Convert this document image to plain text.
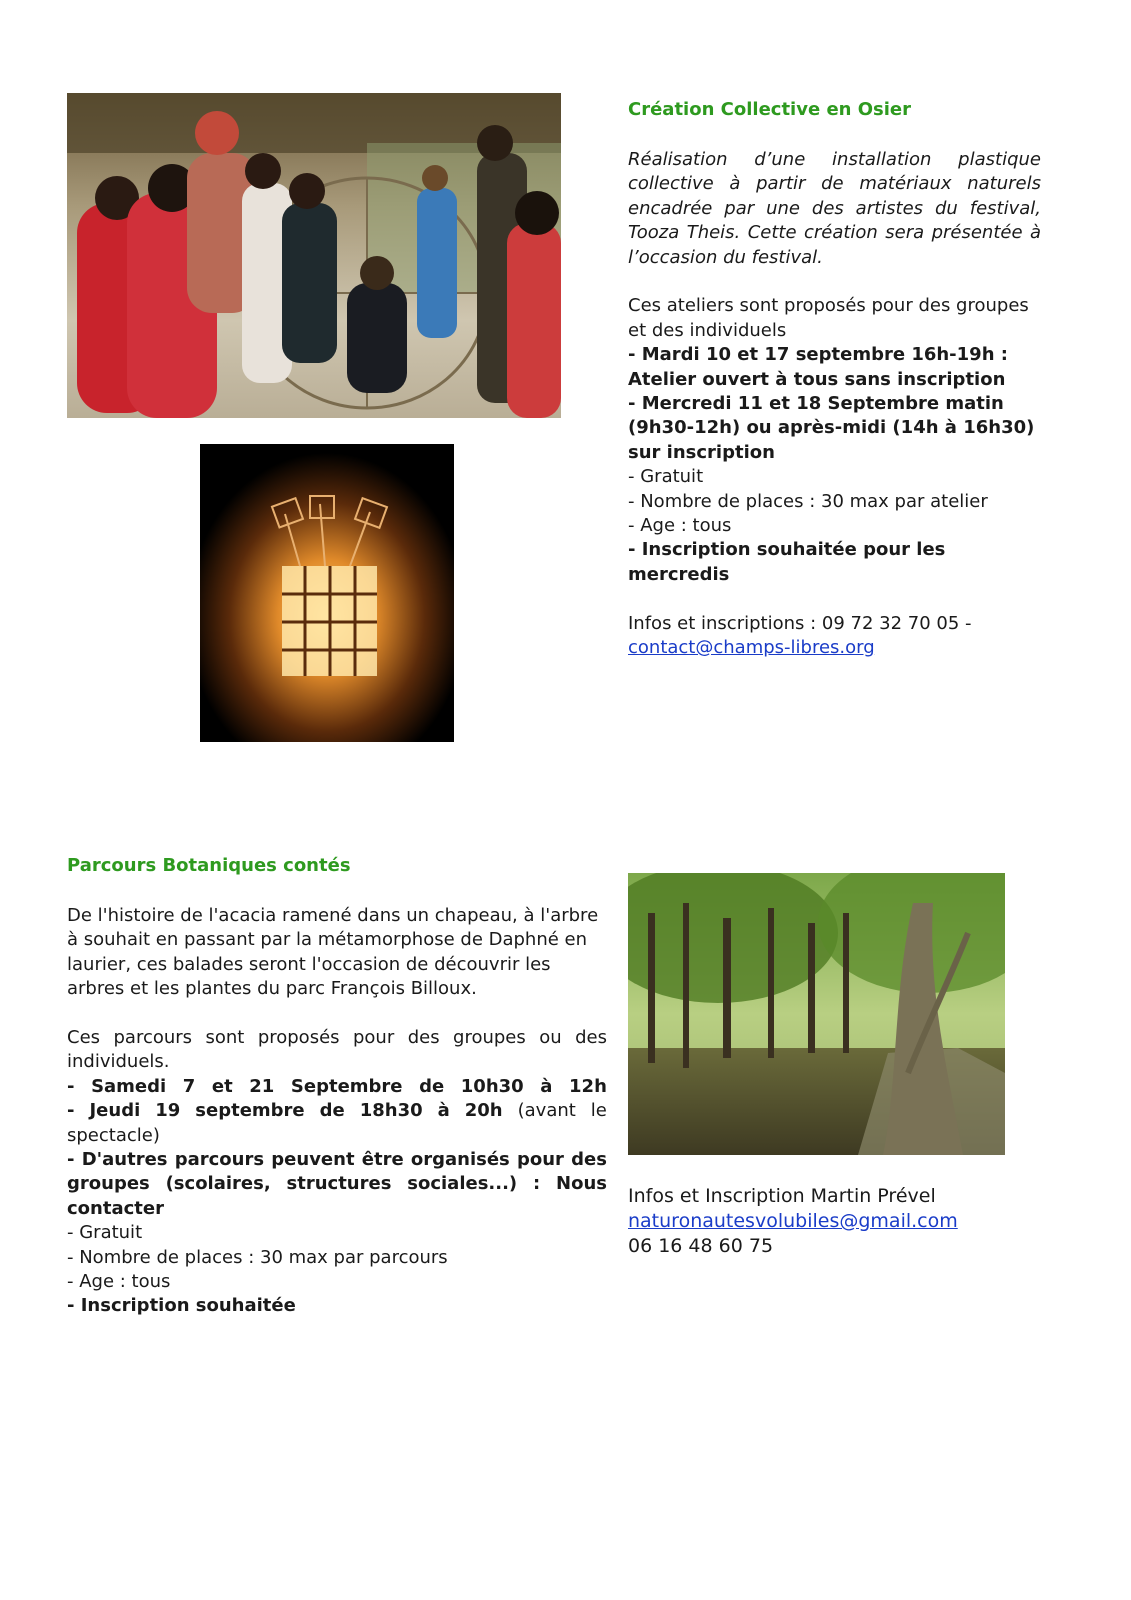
Création Collective en Osier

Réalisation d’une installation plastique collective à partir de matériaux naturels encadrée par une des artistes du festival, Tooza Theis. Cette création sera présentée à l’occasion du festival.

Ces ateliers sont proposés pour des groupes

et des individuels

- Mardi 10 et 17 septembre 16h-19h :

Atelier ouvert à tous sans inscription

- Mercredi 11 et 18 Septembre matin

(9h30-12h) ou après-midi (14h à 16h30)

sur inscription

- Gratuit

- Nombre de places : 30 max par atelier

- Age : tous

- Inscription souhaitée pour les mercredis

Infos et inscriptions : 09 72 32 70 05 -

contact@champs-libres.org

Parcours Botaniques contés

De l'histoire de l'acacia ramené dans un chapeau, à l'arbre

à souhait en passant par la métamorphose de Daphné en

laurier, ces balades seront l'occasion de découvrir les

arbres et les plantes du parc François Billoux.

Ces parcours sont proposés pour des groupes ou des

individuels.

- Samedi 7 et 21 Septembre de 10h30 à 12h
- Jeudi 19 septembre de 18h30 à 20h (avant le

spectacle)

- D'autres parcours peuvent être organisés pour des
groupes (scolaires, structures sociales...) : Nous

contacter

- Gratuit

- Nombre de places : 30 max par parcours

- Age : tous

- Inscription souhaitée

Infos et Inscription Martin Prével

naturonautesvolubiles@gmail.com

06 16 48 60 75
